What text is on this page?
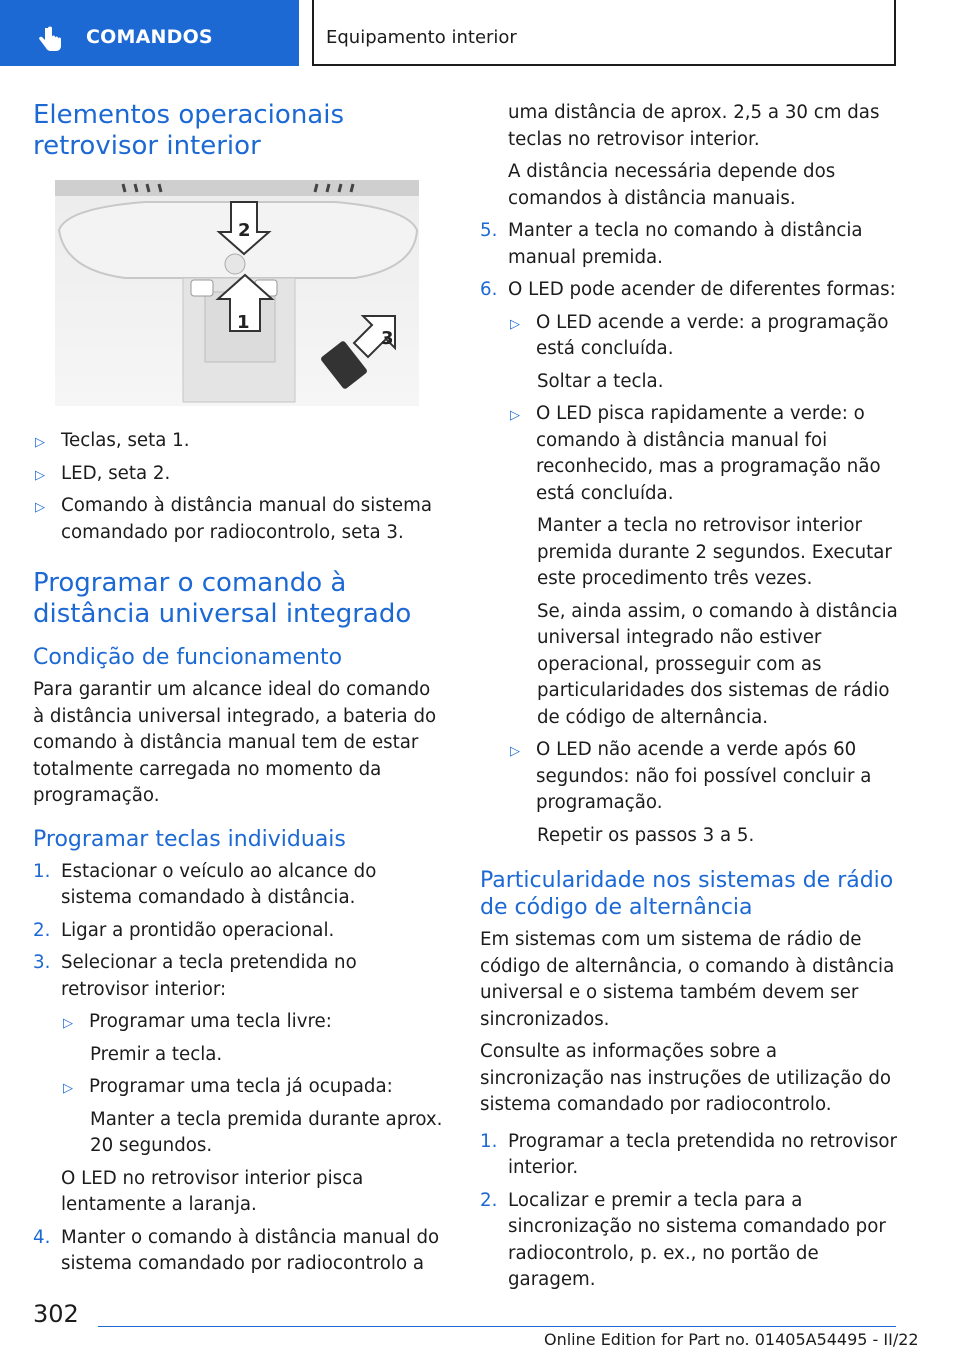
COMANDOS	Equipamento interior
Elementos operacionais retrovisor interior
2
1
3
▷ Teclas, seta 1.
▷ LED, seta 2.
▷ Comando à distância manual do sistema comandado por radiocontrolo, seta 3.
Programar o comando à distância universal integrado
Condição de funcionamento

Para garantir um alcance ideal do comando à distância universal integrado, a bateria do comando à distância manual tem de estar totalmente carregada no momento da programação.

Programar teclas individuais
1. Estacionar o veículo ao alcance do sistema comandado à distância.
2. Ligar a prontidão operacional.
3. Selecionar a tecla pretendida no retrovisor interior:
▷ Programar uma tecla livre:

Premir a tecla.

▷ Programar uma tecla já ocupada:

Manter a tecla premida durante aprox. 20 segundos.

O LED no retrovisor interior pisca lentamente a laranja.

4. Manter o comando à distância manual do sistema comandado por radiocontrolo a

uma distância de aprox. 2,5 a 30 cm das teclas no retrovisor interior.

A distância necessária depende dos comandos à distância manuais.

5. Manter a tecla no comando à distância manual premida.
6. O LED pode acender de diferentes formas:
▷ O LED acende a verde: a programação está concluída.

Soltar a tecla.

▷ O LED pisca rapidamente a verde: o comando à distância manual foi reconhecido, mas a programação não está concluída.

Manter a tecla no retrovisor interior premida durante 2 segundos. Executar este procedimento três vezes.

Se, ainda assim, o comando à distância universal integrado não estiver operacional, prosseguir com as particularidades dos sistemas de rádio de código de alternância.

▷ O LED não acende a verde após 60 segundos: não foi possível concluir a programação.

Repetir os passos 3 a 5.

Particularidade nos sistemas de rádio de código de alternância

Em sistemas com um sistema de rádio de código de alternância, o comando à distância universal e o sistema também devem ser sincronizados.

Consulte as informações sobre a sincronização nas instruções de utilização do sistema comandado por radiocontrolo.

1. Programar a tecla pretendida no retrovisor interior.
2. Localizar e premir a tecla para a sincronização no sistema comandado por radiocontrolo, p. ex., no portão de garagem.
302
Online Edition for Part no. 01405A54495 - II/22
